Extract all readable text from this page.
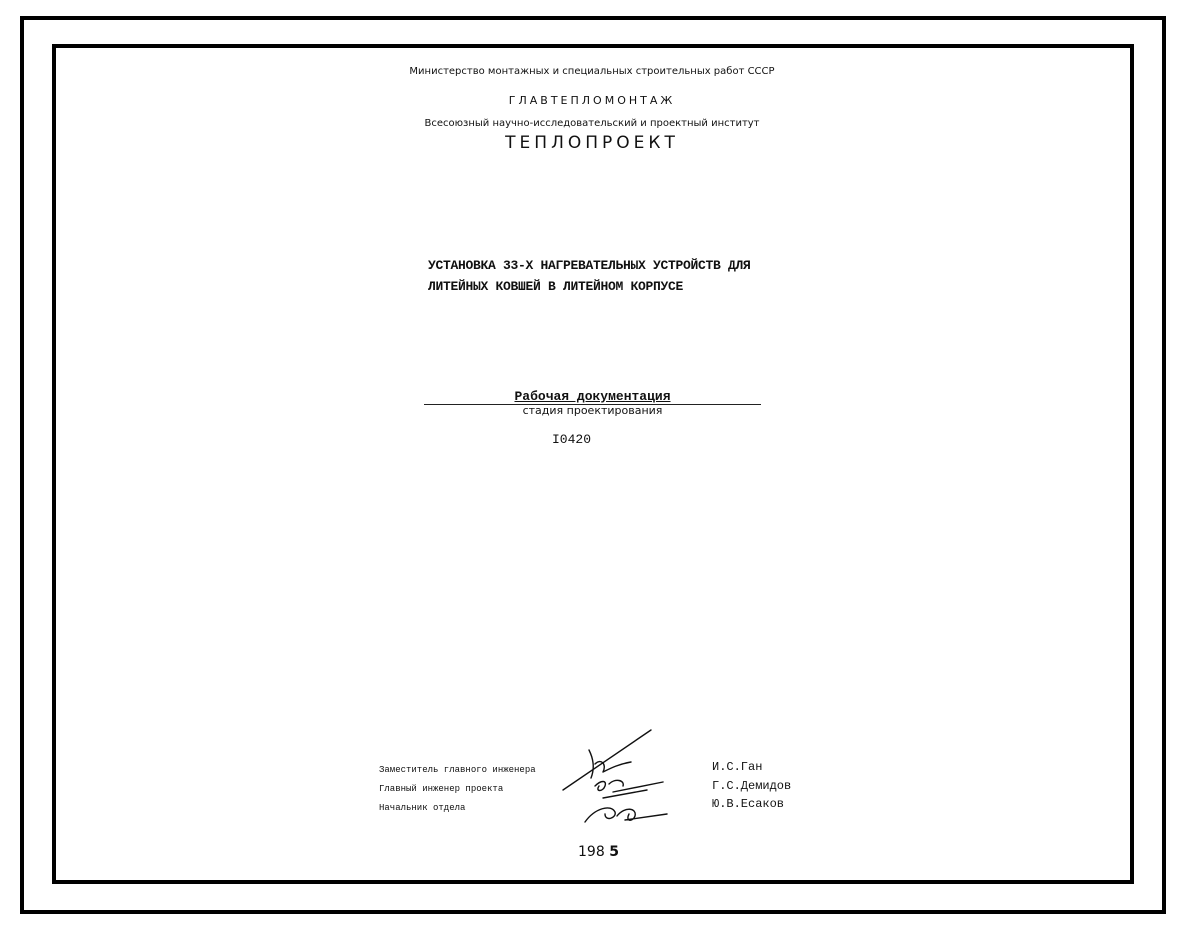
Министерство монтажных и специальных строительных работ СССР
ГЛАВТЕПЛОМОНТАЖ
Всесоюзный научно-исследовательский и проектный институт
ТЕПЛОПРОЕКТ
УСТАНОВКА 33-Х НАГРЕВАТЕЛЬНЫХ УСТРОЙСТВ ДЛЯ
ЛИТЕЙНЫХ КОВШЕЙ В ЛИТЕЙНОМ КОРПУСЕ
Рабочая документация
стадия проектирования
I0420
Заместитель главного инженера
Главный инженер проекта
Начальник отдела
И.С.Ган
Г.С.Демидов
Ю.В.Есаков
198 5
